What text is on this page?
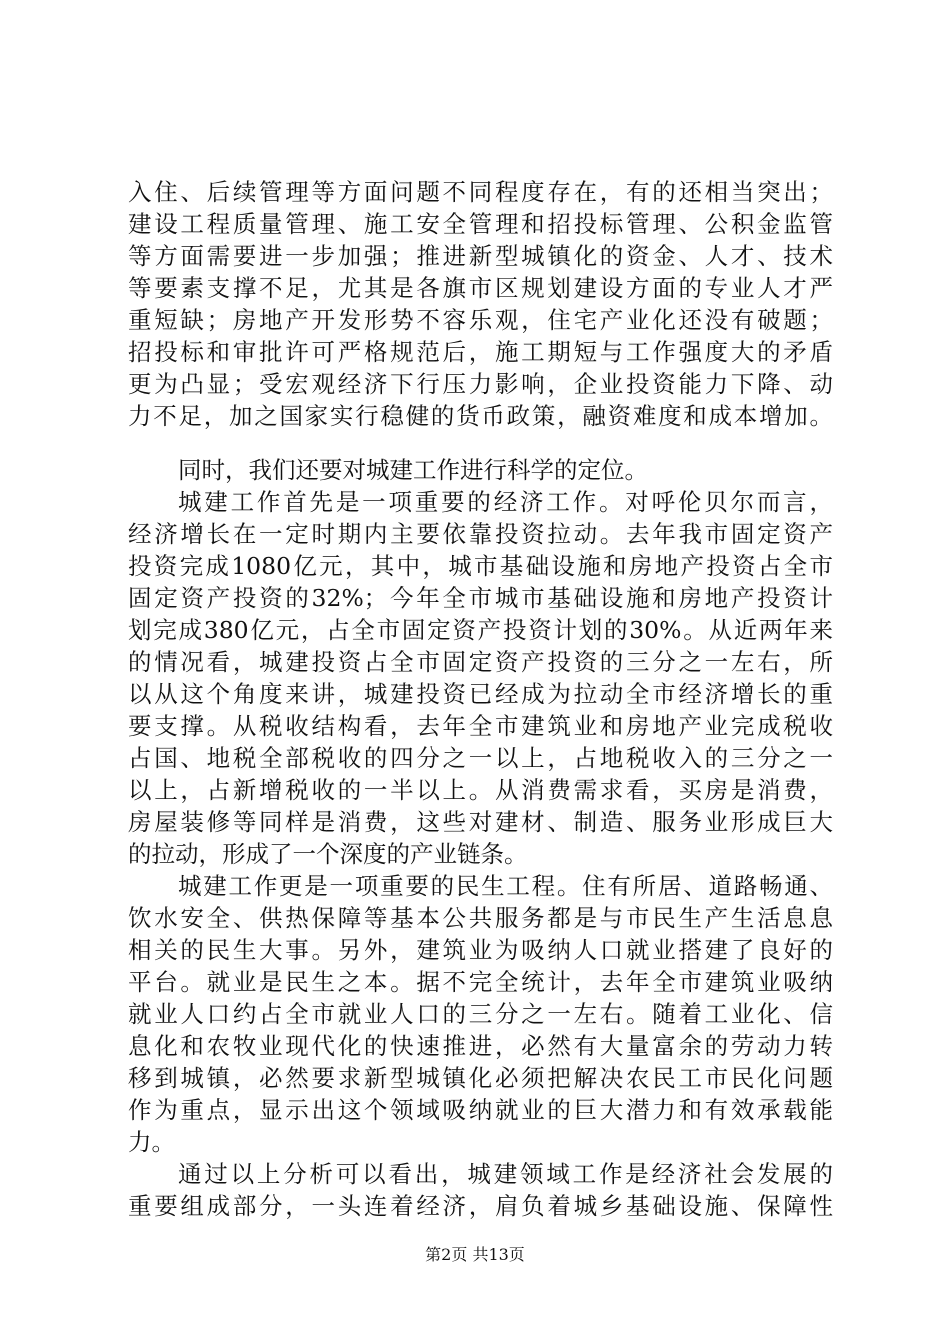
入住、后续管理等方面问题不同程度存在，有的还相当突出；
建设工程质量管理、施工安全管理和招投标管理、公积金监管
等方面需要进一步加强；推进新型城镇化的资金、人才、技术
等要素支撑不足，尤其是各旗市区规划建设方面的专业人才严
重短缺；房地产开发形势不容乐观，住宅产业化还没有破题；
招投标和审批许可严格规范后，施工期短与工作强度大的矛盾
更为凸显；受宏观经济下行压力影响，企业投资能力下降、动
力不足，加之国家实行稳健的货币政策，融资难度和成本增加。
同时，我们还要对城建工作进行科学的定位。
城建工作首先是一项重要的经济工作。对呼伦贝尔而言，
经济增长在一定时期内主要依靠投资拉动。去年我市固定资产
投资完成1080亿元，其中，城市基础设施和房地产投资占全市
固定资产投资的32%；今年全市城市基础设施和房地产投资计
划完成380亿元，占全市固定资产投资计划的30%。从近两年来
的情况看，城建投资占全市固定资产投资的三分之一左右，所
以从这个角度来讲，城建投资已经成为拉动全市经济增长的重
要支撑。从税收结构看，去年全市建筑业和房地产业完成税收
占国、地税全部税收的四分之一以上，占地税收入的三分之一
以上，占新增税收的一半以上。从消费需求看，买房是消费，
房屋装修等同样是消费，这些对建材、制造、服务业形成巨大
的拉动，形成了一个深度的产业链条。
城建工作更是一项重要的民生工程。住有所居、道路畅通、
饮水安全、供热保障等基本公共服务都是与市民生产生活息息
相关的民生大事。另外，建筑业为吸纳人口就业搭建了良好的
平台。就业是民生之本。据不完全统计，去年全市建筑业吸纳
就业人口约占全市就业人口的三分之一左右。随着工业化、信
息化和农牧业现代化的快速推进，必然有大量富余的劳动力转
移到城镇，必然要求新型城镇化必须把解决农民工市民化问题
作为重点，显示出这个领域吸纳就业的巨大潜力和有效承载能
力。
通过以上分析可以看出，城建领域工作是经济社会发展的
重要组成部分，一头连着经济，肩负着城乡基础设施、保障性
第2页 共13页
